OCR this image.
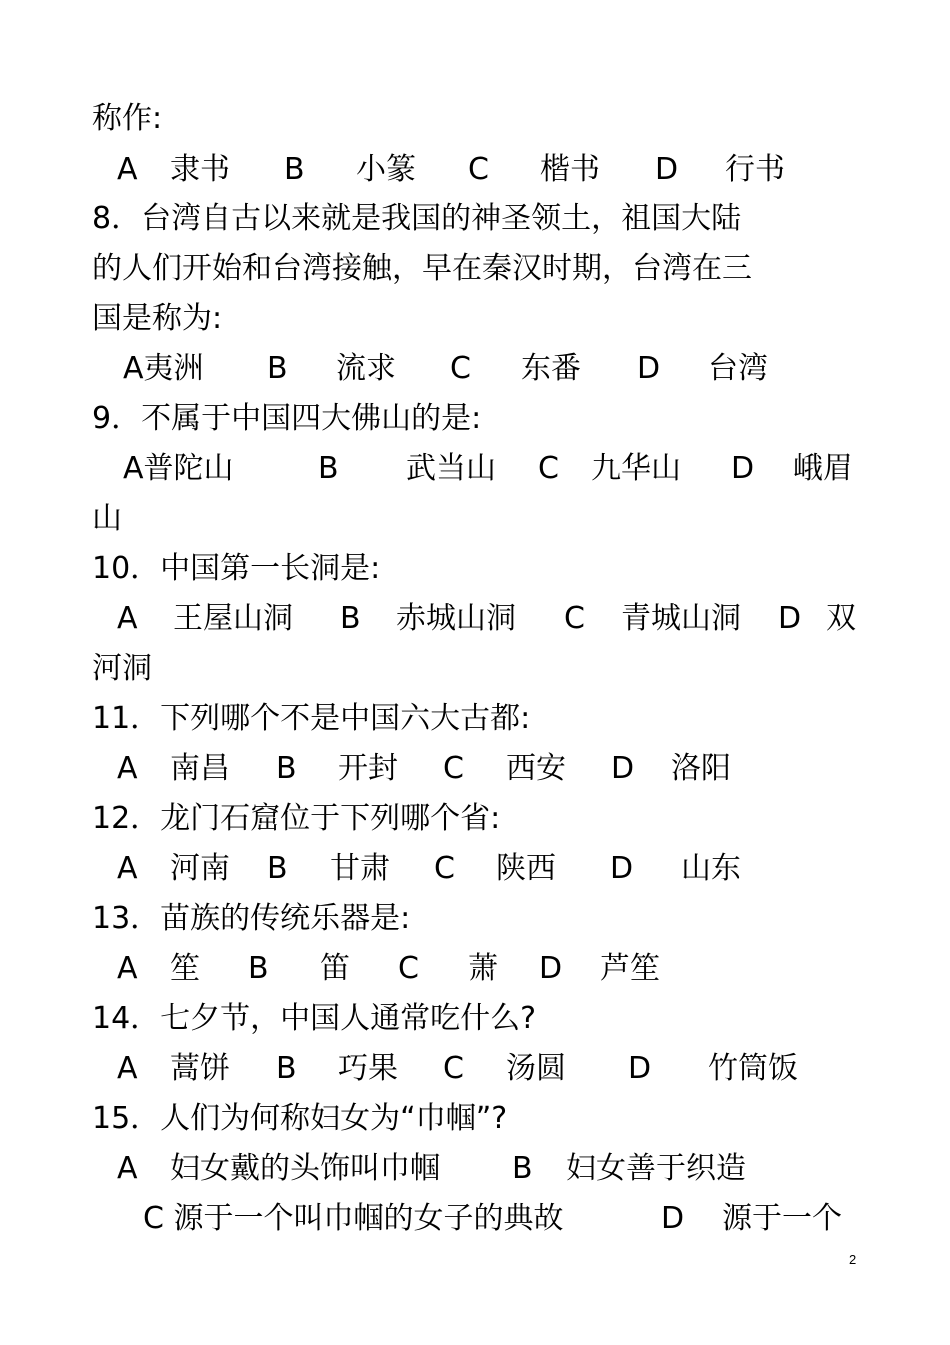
称作:
A 隶书 B 小篆 C 楷书 D 行书
8．台湾自古以来就是我国的神圣领土，祖国大陆
的人们开始和台湾接触，早在秦汉时期，台湾在三
国是称为:
A夷洲 B 流求 C 东番 D 台湾
9．不属于中国四大佛山的是:
A普陀山	B 武当山 C 九华山 D 峨眉
山
10．中国第一长洞是:
A 王屋山洞 B 赤城山洞 C 青城山洞 D 双
河洞
11．下列哪个不是中国六大古都:
A 南昌 B 开封 C 西安 D 洛阳
12．龙门石窟位于下列哪个省:
A 河南 B 甘肃 C 陕西 D 山东
13．苗族的传统乐器是:
A 笙 B 笛 C 萧 D 芦笙
14．七夕节，中国人通常吃什么?
A 蒿饼 B 巧果 C 汤圆 D 竹筒饭
15．人们为何称妇女为“巾帼”?
A 妇女戴的头饰叫巾帼 B 妇女善于织造
C 源于一个叫巾帼的女子的典故	D 源于一个
2
